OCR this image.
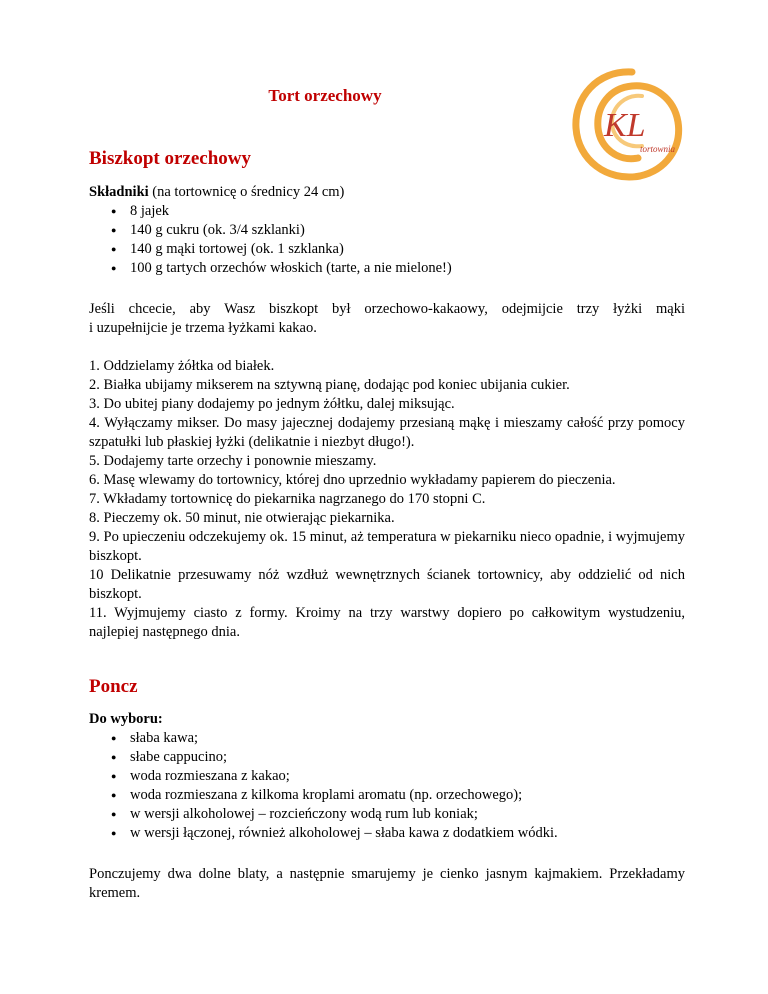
Tort orzechowy
KL
tortownia
Biszkopt orzechowy

Składniki (na tortownicę o średnicy 24 cm)

● 8 jajek
● 140 g cukru (ok. 3/4 szklanki)
● 140 g mąki tortowej (ok. 1 szklanka)
● 100 g tartych orzechów włoskich (tarte, a nie mielone!)

Jeśli chcecie, aby Wasz biszkopt był orzechowo-kakaowy, odejmijcie trzy łyżki mąki

i uzupełnijcie je trzema łyżkami kakao.

1. Oddzielamy żółtka od białek.

2. Białka ubijamy mikserem na sztywną pianę, dodając pod koniec ubijania cukier.

3. Do ubitej piany dodajemy po jednym żółtku, dalej miksując.

4. Wyłączamy mikser. Do masy jajecznej dodajemy przesianą mąkę i mieszamy całość przy pomocy szpatułki lub płaskiej łyżki (delikatnie i niezbyt długo!).

5. Dodajemy tarte orzechy i ponownie mieszamy.

6. Masę wlewamy do tortownicy, której dno uprzednio wykładamy papierem do pieczenia.

7. Wkładamy tortownicę do piekarnika nagrzanego do 170 stopni C.

8. Pieczemy ok. 50 minut, nie otwierając piekarnika.

9. Po upieczeniu odczekujemy ok. 15 minut, aż temperatura w piekarniku nieco opadnie, i wyjmujemy biszkopt.

10 Delikatnie przesuwamy nóż wzdłuż wewnętrznych ścianek tortownicy, aby oddzielić od nich biszkopt.

11. Wyjmujemy ciasto z formy. Kroimy na trzy warstwy dopiero po całkowitym wystudzeniu, najlepiej następnego dnia.

Poncz

Do wyboru:

● słaba kawa;
● słabe cappucino;
● woda rozmieszana z kakao;
● woda rozmieszana z kilkoma kroplami aromatu (np. orzechowego);
● w wersji alkoholowej – rozcieńczony wodą rum lub koniak;
● w wersji łączonej, również alkoholowej – słaba kawa z dodatkiem wódki.

Ponczujemy dwa dolne blaty, a następnie smarujemy je cienko jasnym kajmakiem. Przekładamy kremem.
